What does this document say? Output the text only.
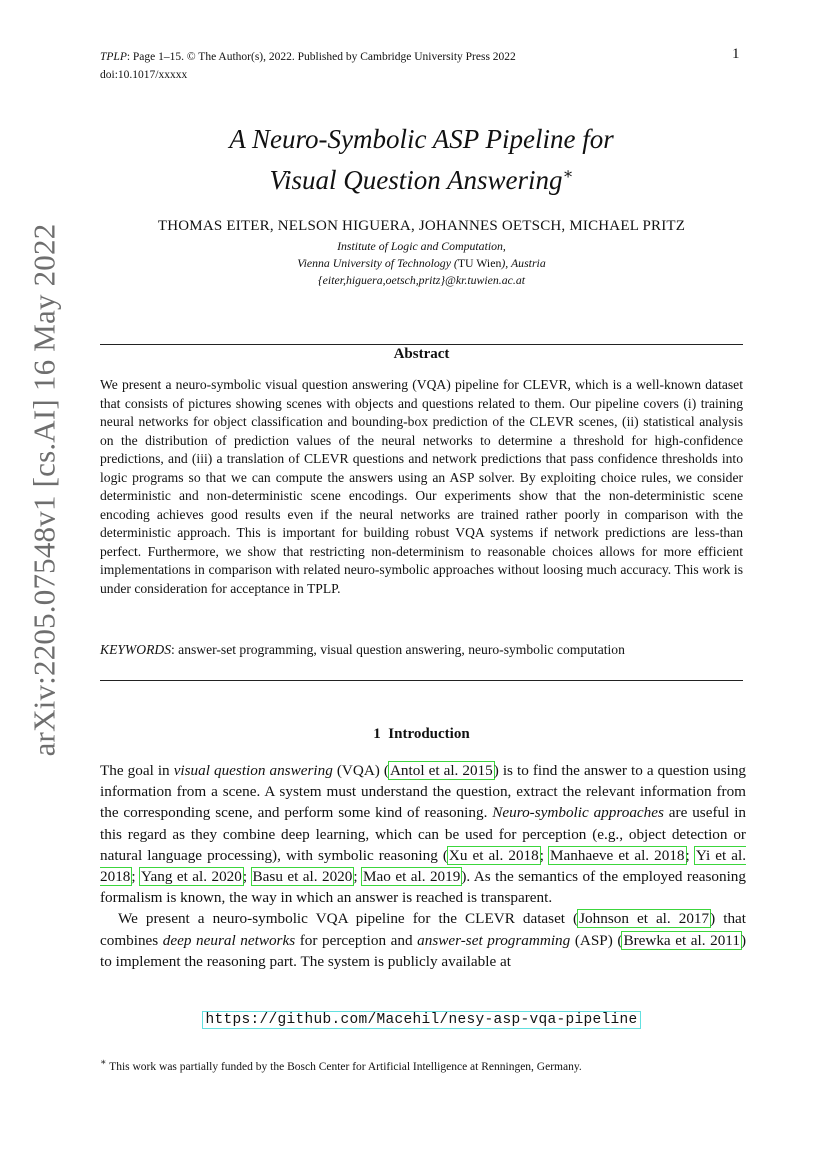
arXiv:2205.07548v1 [cs.AI] 16 May 2022
TPLP: Page 1–15. © The Author(s), 2022. Published by Cambridge University Press 2022
doi:10.1017/xxxxx
1
A Neuro-Symbolic ASP Pipeline for
Visual Question Answering∗
THOMAS EITER, NELSON HIGUERA, JOHANNES OETSCH, MICHAEL PRITZ
Institute of Logic and Computation,
Vienna University of Technology (TU Wien), Austria
{eiter,higuera,oetsch,pritz}@kr.tuwien.ac.at
Abstract
We present a neuro-symbolic visual question answering (VQA) pipeline for CLEVR, which is a well-known dataset that consists of pictures showing scenes with objects and questions related to them. Our pipeline covers (i) training neural networks for object classification and bounding-box prediction of the CLEVR scenes, (ii) statistical analysis on the distribution of prediction values of the neural networks to determine a threshold for high-confidence predictions, and (iii) a translation of CLEVR questions and network predictions that pass confidence thresholds into logic programs so that we can compute the answers using an ASP solver. By exploiting choice rules, we consider deterministic and non-deterministic scene encodings. Our experiments show that the non-deterministic scene encoding achieves good results even if the neural networks are trained rather poorly in comparison with the deterministic approach. This is important for building robust VQA systems if network predictions are less-than perfect. Furthermore, we show that restricting non-determinism to reasonable choices allows for more efficient implementations in comparison with related neuro-symbolic approaches without loosing much accuracy. This work is under consideration for acceptance in TPLP.
KEYWORDS: answer-set programming, visual question answering, neuro-symbolic computation
1 Introduction

The goal in visual question answering (VQA) (Antol et al. 2015) is to find the answer to a question using information from a scene. A system must understand the question, extract the relevant information from the corresponding scene, and perform some kind of reasoning. Neuro-symbolic approaches are useful in this regard as they combine deep learning, which can be used for perception (e.g., object detection or natural language processing), with symbolic reasoning (Xu et al. 2018; Manhaeve et al. 2018; Yi et al. 2018; Yang et al. 2020; Basu et al. 2020; Mao et al. 2019). As the semantics of the employed reasoning formalism is known, the way in which an answer is reached is transparent.

We present a neuro-symbolic VQA pipeline for the CLEVR dataset (Johnson et al. 2017) that combines deep neural networks for perception and answer-set programming (ASP) (Brewka et al. 2011) to implement the reasoning part. The system is publicly available at

https://github.com/Macehil/nesy-asp-vqa-pipeline
∗ This work was partially funded by the Bosch Center for Artificial Intelligence at Renningen, Germany.
